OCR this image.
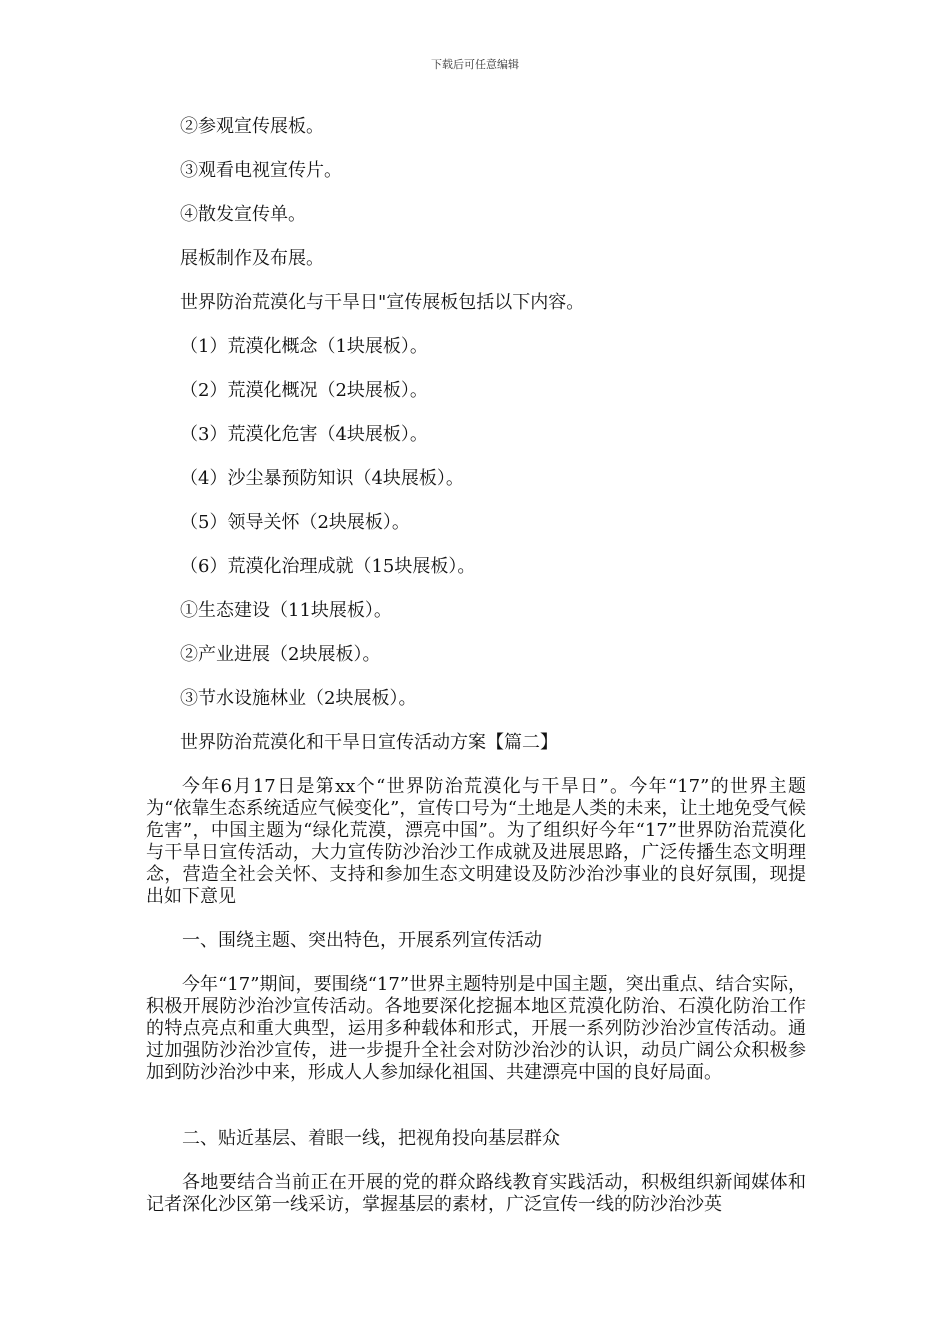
下载后可任意编辑
②参观宣传展板。
③观看电视宣传片。
④散发宣传单。
展板制作及布展。
世界防治荒漠化与干旱日"宣传展板包括以下内容。
（1）荒漠化概念（1块展板）。
（2）荒漠化概况（2块展板）。
（3）荒漠化危害（4块展板）。
（4）沙尘暴预防知识（4块展板）。
（5）领导关怀（2块展板）。
（6）荒漠化治理成就（15块展板）。
①生态建设（11块展板）。
②产业进展（2块展板）。
③节水设施林业（2块展板）。
世界防治荒漠化和干旱日宣传活动方案【篇二】
今年6月17日是第xx个“世界防治荒漠化与干旱日”。今年“17”的世界主题为“依靠生态系统适应气候变化”，宣传口号为“土地是人类的未来，让土地免受气候危害”，中国主题为“绿化荒漠，漂亮中国”。为了组织好今年“17”世界防治荒漠化与干旱日宣传活动，大力宣传防沙治沙工作成就及进展思路，广泛传播生态文明理念，营造全社会关怀、支持和参加生态文明建设及防沙治沙事业的良好氛围，现提出如下意见
一、围绕主题、突出特色，开展系列宣传活动
今年“17”期间，要围绕“17”世界主题特别是中国主题，突出重点、结合实际，积极开展防沙治沙宣传活动。各地要深化挖掘本地区荒漠化防治、石漠化防治工作的特点亮点和重大典型，运用多种载体和形式，开展一系列防沙治沙宣传活动。通过加强防沙治沙宣传，进一步提升全社会对防沙治沙的认识，动员广阔公众积极参加到防沙治沙中来，形成人人参加绿化祖国、共建漂亮中国的良好局面。
二、贴近基层、着眼一线，把视角投向基层群众
各地要结合当前正在开展的党的群众路线教育实践活动，积极组织新闻媒体和记者深化沙区第一线采访，掌握基层的素材，广泛宣传一线的防沙治沙英
